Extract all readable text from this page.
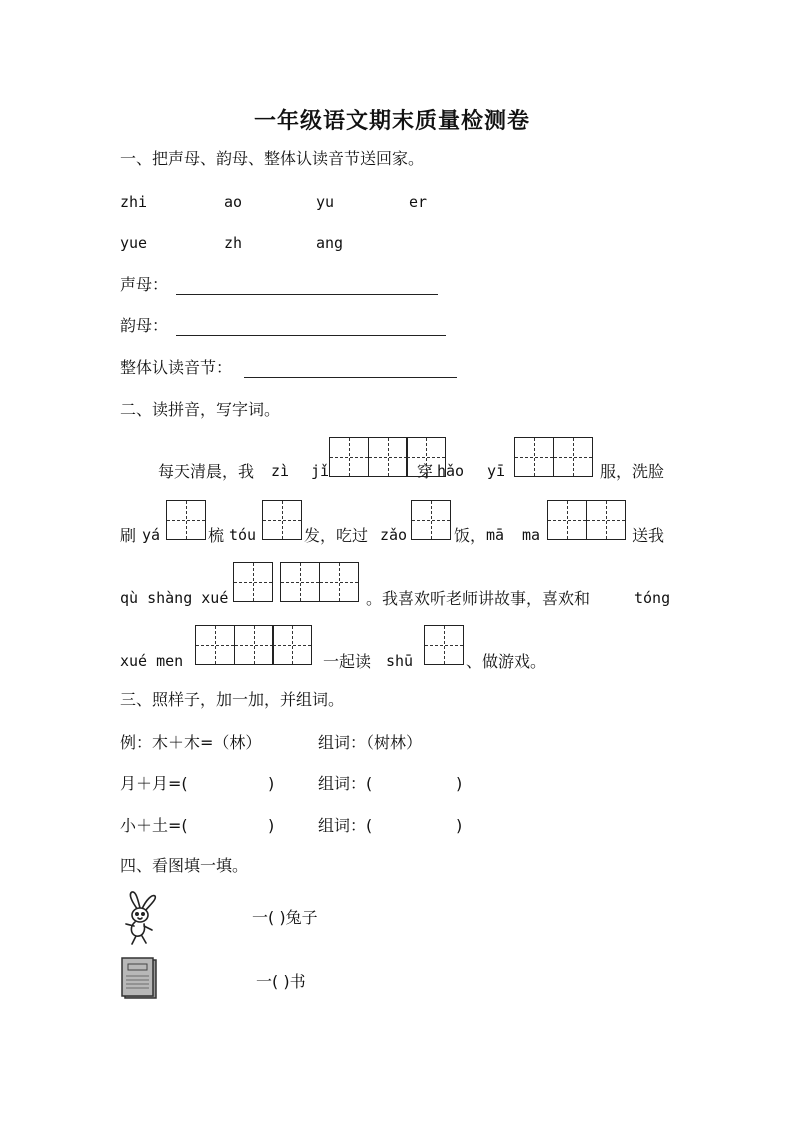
一年级语文期末质量检测卷
一、把声母、韵母、整体认读音节送回家。
zhi	ao	yu	er
yue	zh	ang
声母：
韵母：
整体认读音节：
二、读拼音，写字词。
每天清晨，我 zì jǐ	穿 hǎo yī	服，洗脸
刷 yá	梳 tóu	发，吃过 zǎo	饭， mā ma	送我
qù shàng xué	。我喜欢听老师讲故事，喜欢和	tóng
xué men	一起读 shū	、做游戏。
三、照样子，加一加，并组词。
例：木＋木=（林）	组词：（树林）
月＋月=(	)	组词：(	)
小＋土=(	)	组词：(	)
四、看图填一填。
一( )兔子
一( )书
